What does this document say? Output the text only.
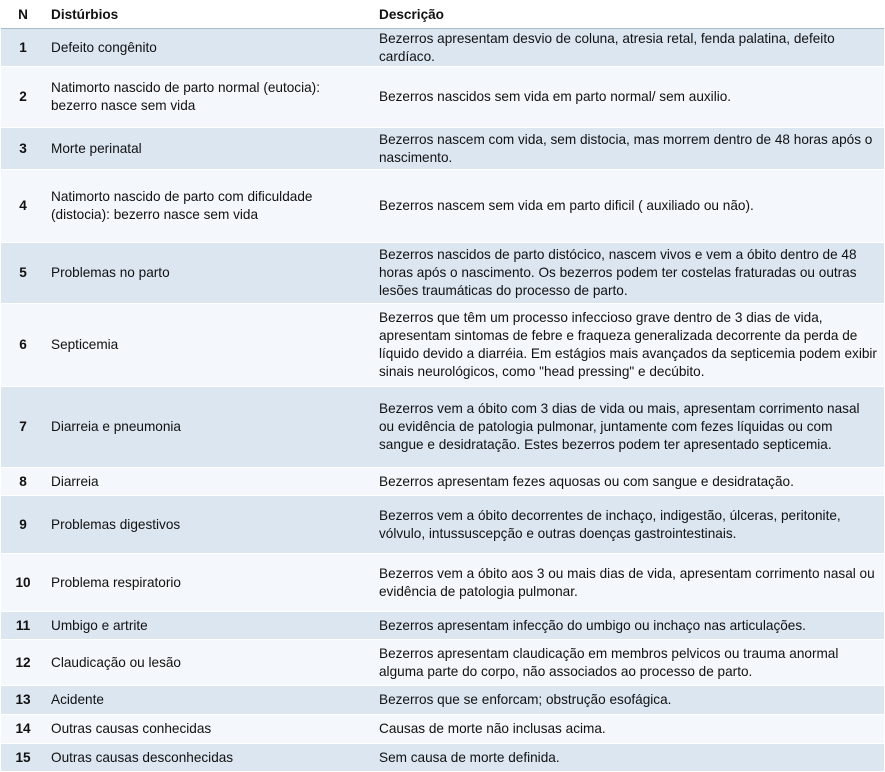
N	Distúrbios	Descrição
1	Defeito congênito	Bezerros apresentam desvio de coluna, atresia retal, fenda palatina, defeito cardíaco.
2	Natimorto nascido de parto normal (eutocia): bezerro nasce sem vida	Bezerros nascidos sem vida em parto normal/ sem auxilio.
3	Morte perinatal	Bezerros nascem com vida, sem distocia, mas morrem dentro de 48 horas após o nascimento.
4	Natimorto nascido de parto com dificuldade (distocia): bezerro nasce sem vida	Bezerros nascem sem vida em parto dificil ( auxiliado ou não).
5	Problemas no parto	Bezerros nascidos de parto distócico, nascem vivos e vem a óbito dentro de 48 horas após o nascimento. Os bezerros podem ter costelas fraturadas ou outras lesões traumáticas do processo de parto.
6	Septicemia	Bezerros que têm um processo infeccioso grave dentro de 3 dias de vida, apresentam sintomas de febre e fraqueza generalizada decorrente da perda de líquido devido a diarréia. Em estágios mais avançados da septicemia podem exibir sinais neurológicos, como "head pressing" e decúbito.
7	Diarreia e pneumonia	Bezerros vem a óbito com 3 dias de vida ou mais, apresentam corrimento nasal ou evidência de patologia pulmonar, juntamente com fezes líquidas ou com sangue e desidratação. Estes bezerros podem ter apresentado septicemia.
8	Diarreia	Bezerros apresentam fezes aquosas ou com sangue e desidratação.
9	Problemas digestivos	Bezerros vem a óbito decorrentes de inchaço, indigestão, úlceras, peritonite, vólvulo, intussuscepção e outras doenças gastrointestinais.
10	Problema respiratorio	Bezerros vem a óbito aos 3 ou mais dias de vida, apresentam corrimento nasal ou evidência de patologia pulmonar.
11	Umbigo e artrite	Bezerros apresentam infecção do umbigo ou inchaço nas articulações.
12	Claudicação ou lesão	Bezerros apresentam claudicação em membros pelvicos ou trauma anormal alguma parte do corpo, não associados ao processo de parto.
13	Acidente	Bezerros que se enforcam; obstrução esofágica.
14	Outras causas conhecidas	Causas de morte não inclusas acima.
15	Outras causas desconhecidas	Sem causa de morte definida.
